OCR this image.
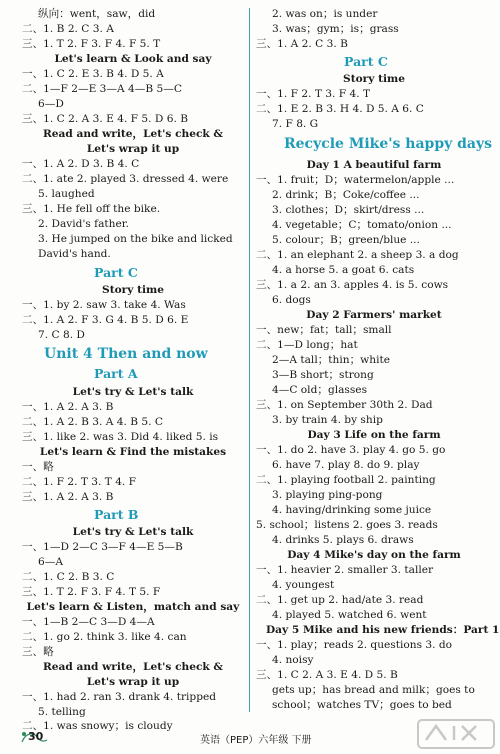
纵向：went，saw，did
二、1. B 2. C 3. A
三、1. T 2. F 3. F 4. F 5. T
Let's learn & Look and say
一、1. C 2. E 3. B 4. D 5. A
二、1—F 2—E 3—A 4—B 5—C
6—D
三、1. C 2. A 3. E 4. F 5. D 6. B
Read and write，Let's check &
Let's wrap it up
一、1. A 2. D 3. B 4. C
二、1. ate 2. played 3. dressed 4. were
5. laughed
三、1. He fell off the bike.
2. David's father.
3. He jumped on the bike and licked
David's hand.
Part C
Story time
一、1. by 2. saw 3. take 4. Was
二、1. A 2. F 3. G 4. B 5. D 6. E
7. C 8. D
Unit 4 Then and now
Part A
Let's try & Let's talk
一、1. A 2. A 3. B
二、1. A 2. B 3. A 4. B 5. C
三、1. like 2. was 3. Did 4. liked 5. is
Let's learn & Find the mistakes
一、略
二、1. F 2. T 3. T 4. F
三、1. A 2. A 3. B
Part B
Let's try & Let's talk
一、1—D 2—C 3—F 4—E 5—B
6—A
二、1. C 2. B 3. C
三、1. T 2. F 3. F 4. T 5. F
Let's learn & Listen，match and say
一、1—B 2—C 3—D 4—A
二、1. go 2. think 3. like 4. can
三、略
Read and write，Let's check &
Let's wrap it up
一、1. had 2. ran 3. drank 4. tripped
5. telling
二、1. was snowy；is cloudy
2. was on；is under
3. was；gym；is；grass
三、1. A 2. C 3. B
Part C
Story time
一、1. F 2. T 3. F 4. T
二、1. E 2. B 3. H 4. D 5. A 6. C
7. F 8. G
Recycle Mike's happy days
Day 1 A beautiful farm
一、1. fruit；D；watermelon/apple ...
2. drink；B；Coke/coffee ...
3. clothes；D；skirt/dress ...
4. vegetable；C；tomato/onion ...
5. colour；B；green/blue ...
二、1. an elephant 2. a sheep 3. a dog
4. a horse 5. a goat 6. cats
三、1. a 2. an 3. apples 4. is 5. cows
6. dogs
Day 2 Farmers' market
一、new；fat；tall；small
二、1—D long；hat
2—A tall；thin；white
3—B short；strong
4—C old；glasses
三、1. on September 30th 2. Dad
3. by train 4. by ship
Day 3 Life on the farm
一、1. do 2. have 3. play 4. go 5. go
6. have 7. play 8. do 9. play
二、1. playing football 2. painting
3. playing ping-pong
4. having/drinking some juice
5. school；listens 2. goes 3. reads
4. drinks 5. plays 6. draws
Day 4 Mike's day on the farm
一、1. heavier 2. smaller 3. taller
4. youngest
二、1. get up 2. had/ate 3. read
4. played 5. watched 6. went
Day 5 Mike and his new friends：Part 1
一、1. play；reads 2. questions 3. do
4. noisy
三、1. C 2. A 3. E 4. D 5. B
gets up；has bread and milk；goes to
school；watches TV；goes to bed
30	英语（PEP）六年级 下册
